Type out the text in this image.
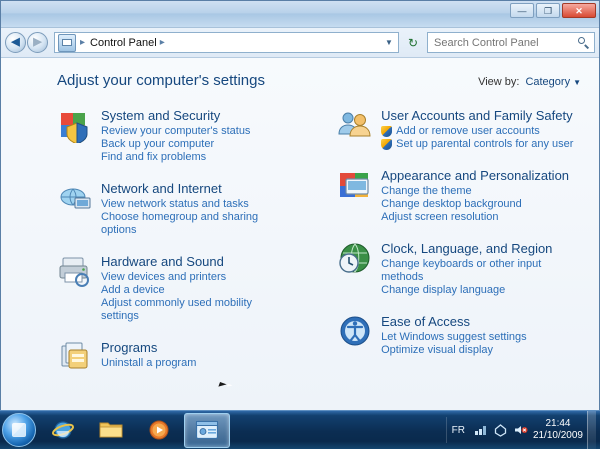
—	❐	✕
◀	▶	▸ Control Panel ▸	▼	↻
Search Control Panel
Adjust your computer's settings	View by: Category ▼
System and Security
Review your computer's status
Back up your computer
Find and fix problems
Network and Internet
View network status and tasks
Choose homegroup and sharing options
Hardware and Sound
View devices and printers
Add a device
Adjust commonly used mobility settings
Programs
Uninstall a program
User Accounts and Family Safety
Add or remove user accounts
Set up parental controls for any user
Appearance and Personalization
Change the theme
Change desktop background
Adjust screen resolution
Clock, Language, and Region
Change keyboards or other input methods
Change display language
Ease of Access
Let Windows suggest settings
Optimize visual display
FR
21:44
21/10/2009
